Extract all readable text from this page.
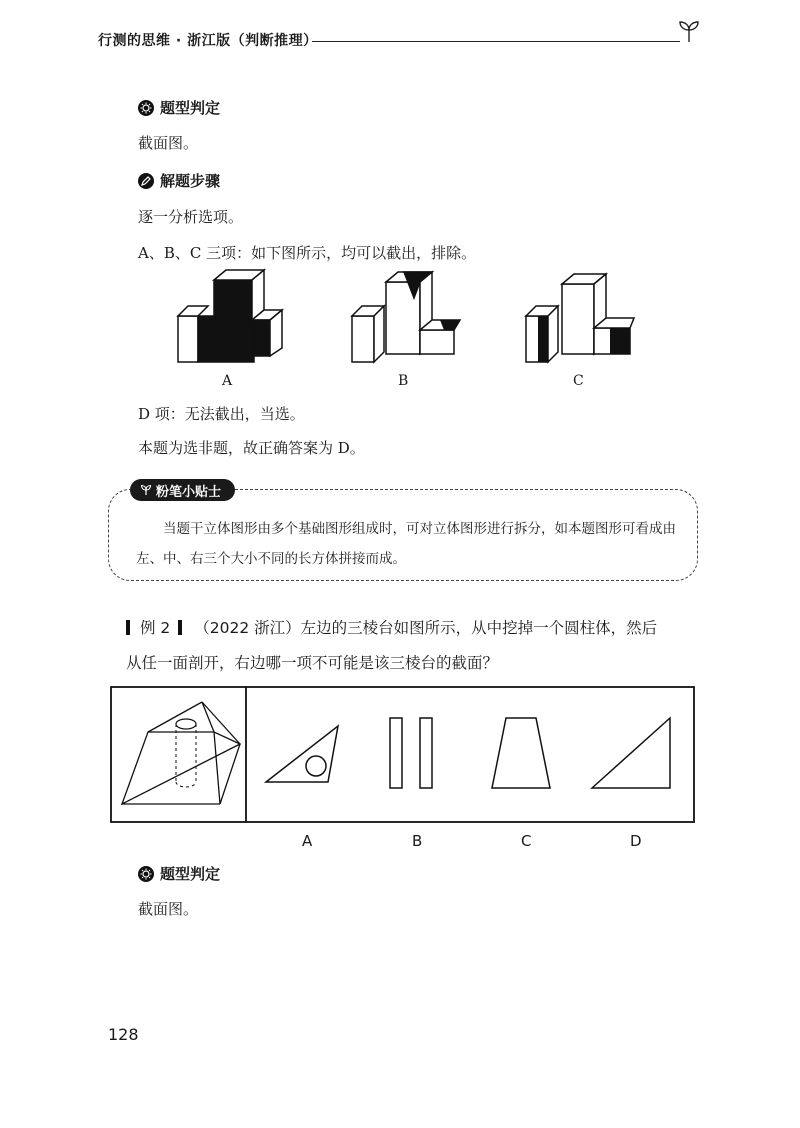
行测的思维 · 浙江版（判断推理）
题型判定
截面图。
解题步骤
逐一分析选项。
A、B、C 三项：如下图所示，均可以截出，排除。
A	B	C
D 项：无法截出，当选。
本题为选非题，故正确答案为 D。
粉笔小贴士
当题干立体图形由多个基础图形组成时，可对立体图形进行拆分，如本题图形可看成由左、中、右三个大小不同的长方体拼接而成。
例 2 （2022 浙江）左边的三棱台如图所示，从中挖掉一个圆柱体，然后
从任一面剖开，右边哪一项不可能是该三棱台的截面？
A	B	C	D
题型判定
截面图。
128
